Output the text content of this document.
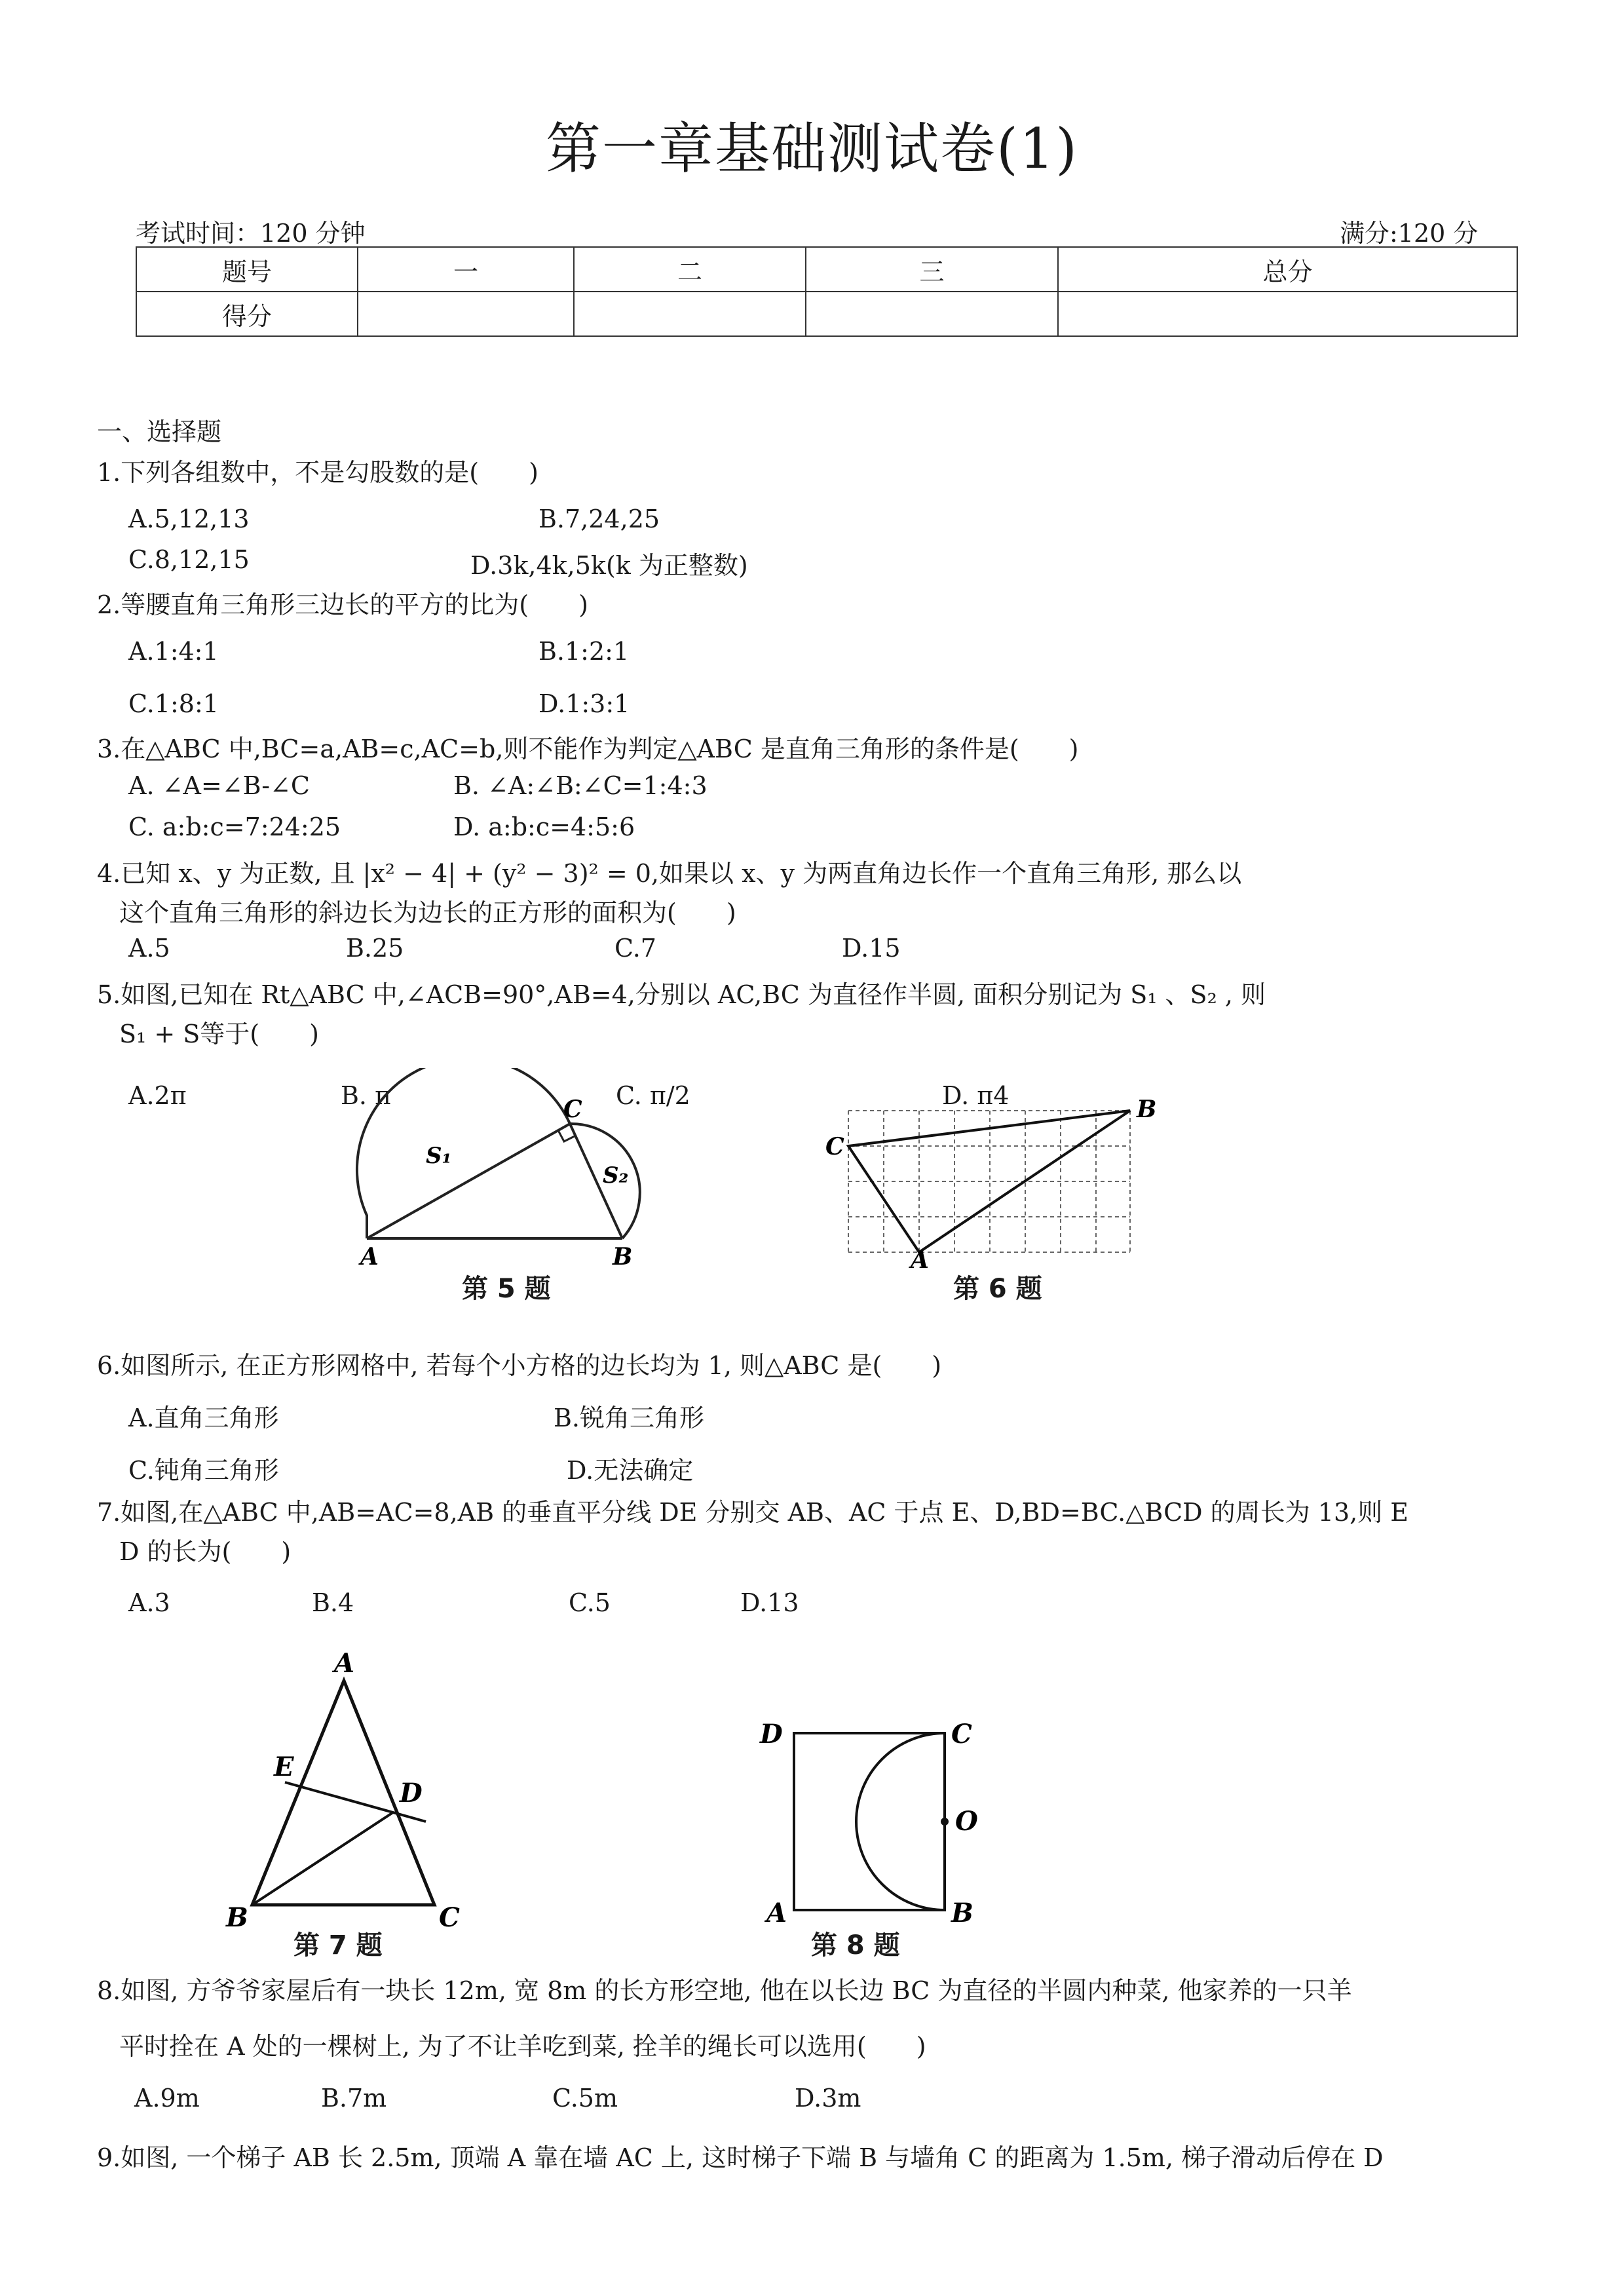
第一章基础测试卷(1)
考试时间：120 分钟	满分:120 分
题号	一	二	三	总分
得分				
一、选择题
1.下列各组数中，不是勾股数的是(　　)
A.5,12,13	B.7,24,25
C.8,12,15	D.3k,4k,5k(k 为正整数)
2.等腰直角三角形三边长的平方的比为(　　)
A.1:4:1	B.1:2:1
C.1:8:1	D.1:3:1
3.在△ABC 中,BC=a,AB=c,AC=b,则不能作为判定△ABC 是直角三角形的条件是(　　)
A. ∠A=∠B-∠C	B. ∠A:∠B:∠C=1:4:3
C. a:b:c=7:24:25	D. a:b:c=4:5:6
4.已知 x、y 为正数, 且 |x² − 4| + (y² − 3)² = 0,如果以 x、y 为两直角边长作一个直角三角形, 那么以
这个直角三角形的斜边长为边长的正方形的面积为(　　)
A.5	B.25	C.7	D.15
5.如图,已知在 Rt△ABC 中,∠ACB=90°,AB=4,分别以 AC,BC 为直径作半圆, 面积分别记为 S₁ 、S₂ , 则
S₁ + S等于(　　)
A.2π	B. π	C. π/2	D. π4
A	B
C
S₁
S₂
第 5 题
C
B
A
第 6 题
6.如图所示, 在正方形网格中, 若每个小方格的边长均为 1, 则△ABC 是(　　)
A.直角三角形	B.锐角三角形
C.钝角三角形	D.无法确定
7.如图,在△ABC 中,AB=AC=8,AB 的垂直平分线 DE 分别交 AB、AC 于点 E、D,BD=BC.△BCD 的周长为 13,则 E
D 的长为(　　)
A.3	B.4	C.5	D.13
A
E
D
B	C
第 7 题
D	C
O
A	B
第 8 题
8.如图, 方爷爷家屋后有一块长 12m, 宽 8m 的长方形空地, 他在以长边 BC 为直径的半圆内种菜, 他家养的一只羊
平时拴在 A 处的一棵树上, 为了不让羊吃到菜, 拴羊的绳长可以选用(　　)
A.9m	B.7m	C.5m	D.3m
9.如图, 一个梯子 AB 长 2.5m, 顶端 A 靠在墙 AC 上, 这时梯子下端 B 与墙角 C 的距离为 1.5m, 梯子滑动后停在 D
